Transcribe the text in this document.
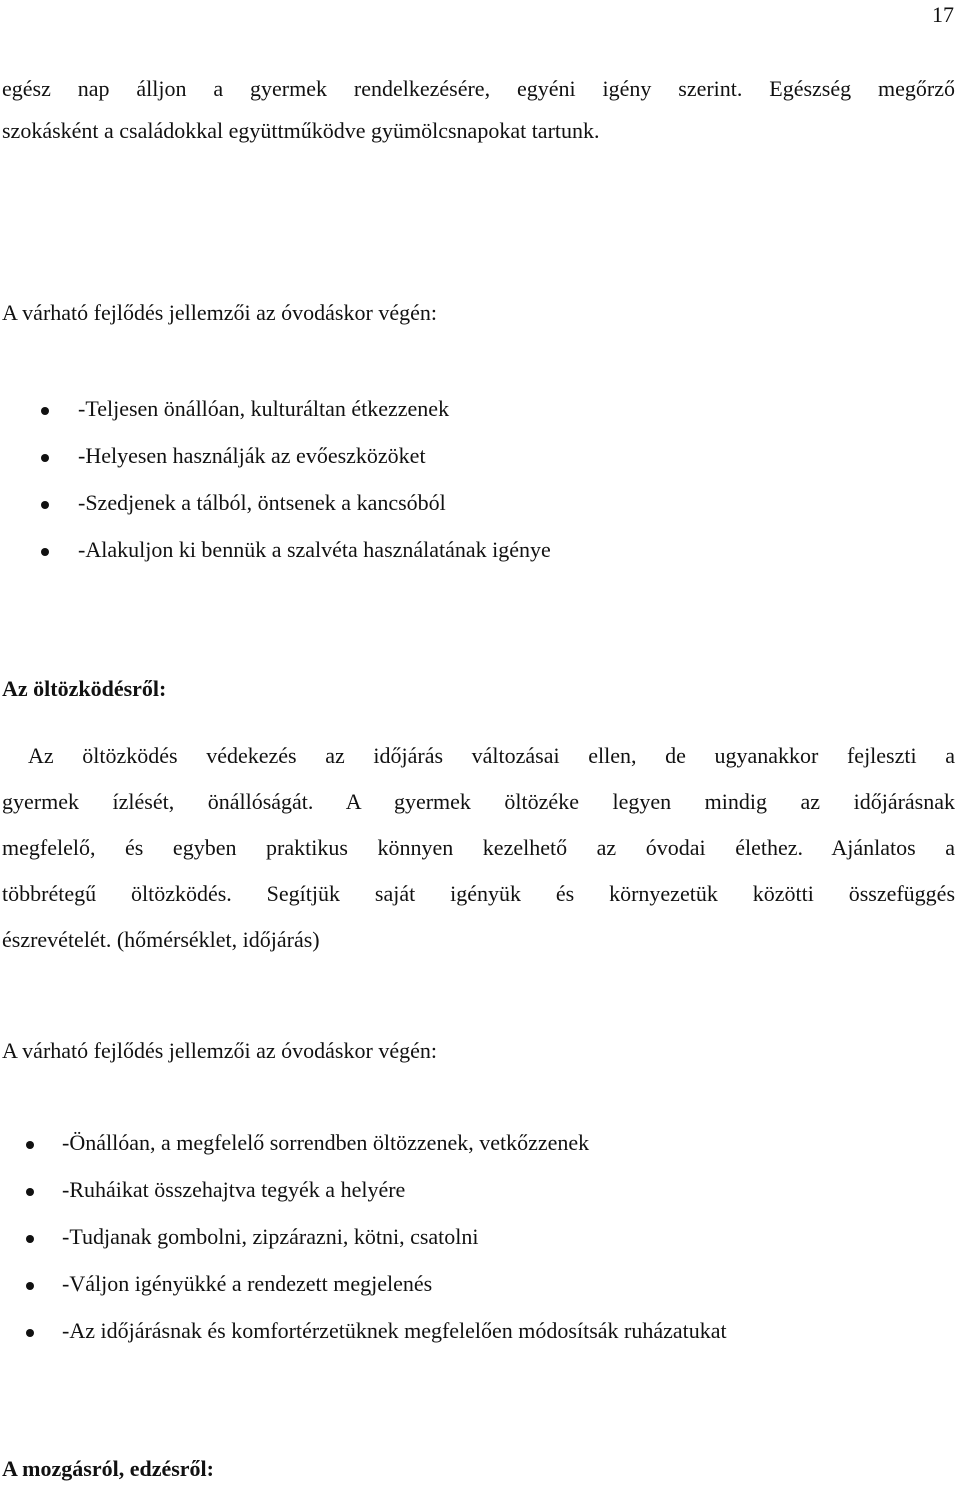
17
egész nap álljon a gyermek rendelkezésére, egyéni igény szerint. Egészség megőrző
szokásként a családokkal együttműködve gyümölcsnapokat tartunk.
A várható fejlődés jellemzői az óvodáskor végén:
-Teljesen önállóan, kulturáltan étkezzenek
-Helyesen használják az evőeszközöket
-Szedjenek a tálból, öntsenek a kancsóból
-Alakuljon ki bennük a szalvéta használatának igénye
Az öltözködésről:
Az öltözködés védekezés az időjárás változásai ellen, de ugyanakkor fejleszti a
gyermek ízlését, önállóságát. A gyermek öltözéke legyen mindig az időjárásnak
megfelelő, és egyben praktikus könnyen kezelhető az óvodai élethez. Ajánlatos a
többrétegű öltözködés. Segítjük saját igényük és környezetük közötti összefüggés
észrevételét. (hőmérséklet, időjárás)
A várható fejlődés jellemzői az óvodáskor végén:
-Önállóan, a megfelelő sorrendben öltözzenek, vetkőzzenek
-Ruháikat összehajtva tegyék a helyére
-Tudjanak gombolni, zipzárazni, kötni, csatolni
-Váljon igényükké a rendezett megjelenés
-Az időjárásnak és komfortérzetüknek megfelelően módosítsák ruházatukat
A mozgásról, edzésről:
